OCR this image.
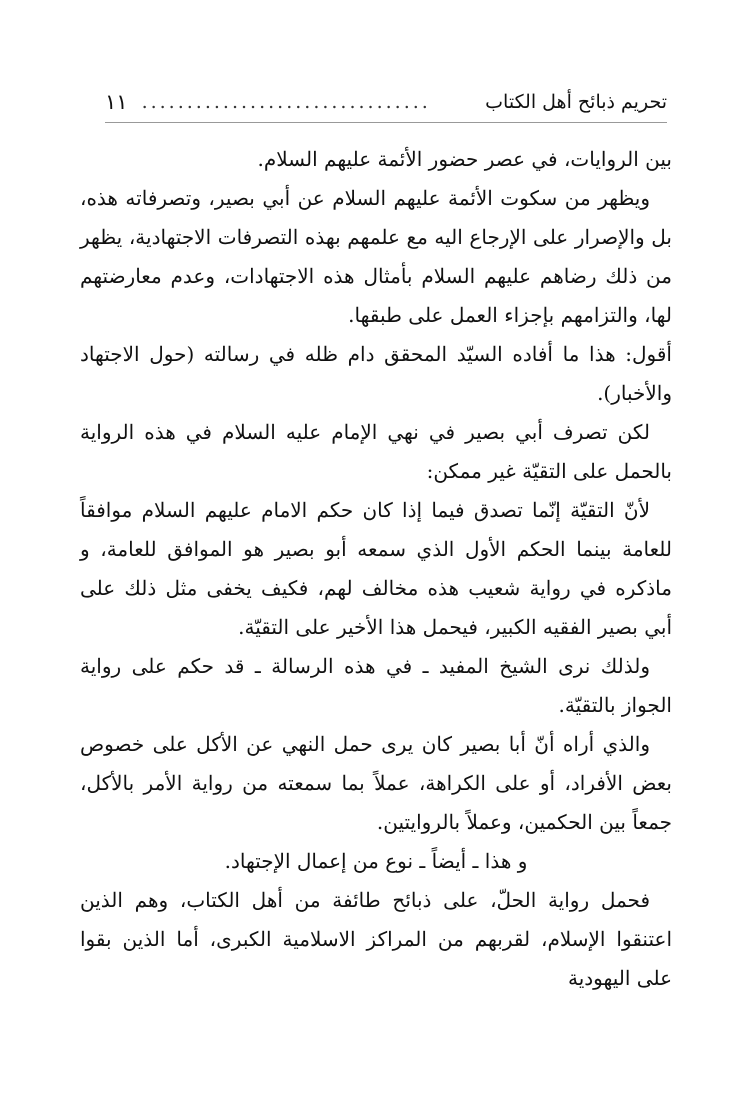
تحريم ذبائح أهل الكتاب
................................
١١

بين الروايات، في عصر حضور الأئمة عليهم السلام.

ويظهر من سكوت الأئمة عليهم السلام عن أبي بصير، وتصرفاته هذه، بل والإصرار على الإرجاع اليه مع علمهم بهذه التصرفات الاجتهادية، يظهر من ذلك رضاهم عليهم السلام بأمثال هذه الاجتهادات، وعدم معارضتهم لها، والتزامهم بإجزاء العمل على طبقها.

أقول: هذا ما أفاده السيّد المحقق دام ظله في رسالته (حول الاجتهاد والأخبار).

لكن تصرف أبي بصير في نهي الإمام عليه السلام في هذه الرواية بالحمل على التقيّة غير ممكن:

لأنّ التقيّة إنّما تصدق فيما إذا كان حكم الامام عليهم السلام موافقاً للعامة بينما الحكم الأول الذي سمعه أبو بصير هو الموافق للعامة، و ماذكره في رواية شعيب هذه مخالف لهم، فكيف يخفى مثل ذلك على أبي بصير الفقيه الكبير، فيحمل هذا الأخير على التقيّة.

ولذلك نرى الشيخ المفيد ـ في هذه الرسالة ـ قد حكم على رواية الجواز بالتقيّة.

والذي أراه أنّ أبا بصير كان يرى حمل النهي عن الأكل على خصوص بعض الأفراد، أو على الكراهة، عملاً بما سمعته من رواية الأمر بالأكل، جمعاً بين الحكمين، وعملاً بالروايتين.

و هذا ـ أيضاً ـ نوع من إعمال الإجتهاد.

فحمل رواية الحلّ، على ذبائح طائفة من أهل الكتاب، وهم الذين اعتنقوا الإسلام، لقربهم من المراكز الاسلامية الكبرى، أما الذين بقوا على اليهودية
